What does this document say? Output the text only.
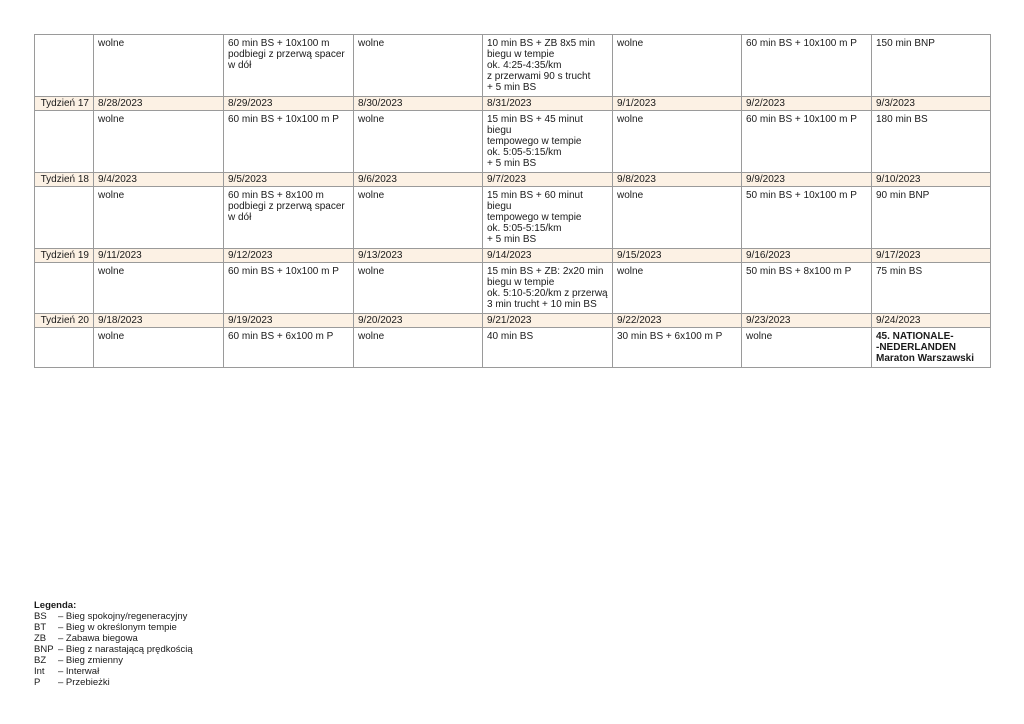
	wolne	60 min BS + 10x100 m
podbiegi z przerwą spacer
w dół	wolne	10 min BS + ZB 8x5 min
biegu w tempie
ok. 4:25-4:35/km
z przerwami 90 s trucht
+ 5 min BS	wolne	60 min BS + 10x100 m P	150 min BNP
Tydzień 17	8/28/2023	8/29/2023	8/30/2023	8/31/2023	9/1/2023	9/2/2023	9/3/2023
	wolne	60 min BS + 10x100 m P	wolne	15 min BS + 45 minut biegu
tempowego w tempie
ok. 5:05-5:15/km
+ 5 min BS	wolne	60 min BS + 10x100 m P	180 min BS
Tydzień 18	9/4/2023	9/5/2023	9/6/2023	9/7/2023	9/8/2023	9/9/2023	9/10/2023
	wolne	60 min BS + 8x100 m
podbiegi z przerwą spacer
w dół	wolne	15 min BS + 60 minut biegu
tempowego w tempie
ok. 5:05-5:15/km
+ 5 min BS	wolne	50 min BS + 10x100 m P	90 min BNP
Tydzień 19	9/11/2023	9/12/2023	9/13/2023	9/14/2023	9/15/2023	9/16/2023	9/17/2023
	wolne	60 min BS + 10x100 m P	wolne	15 min BS + ZB: 2x20 min
biegu w tempie
ok. 5:10-5:20/km z przerwą
3 min trucht + 10 min BS	wolne	50 min BS + 8x100 m P	75 min BS
Tydzień 20	9/18/2023	9/19/2023	9/20/2023	9/21/2023	9/22/2023	9/23/2023	9/24/2023
	wolne	60 min BS + 6x100 m P	wolne	40 min BS	30 min BS + 6x100 m P	wolne	45. NATIONALE-
-NEDERLANDEN
Maraton Warszawski
Legenda:
BS	– Bieg spokojny/regeneracyjny
BT	– Bieg w określonym tempie
ZB	– Zabawa biegowa
BNP – Bieg z narastającą prędkością
BZ	– Bieg zmienny
Int	– Interwał
P	– Przebieżki
